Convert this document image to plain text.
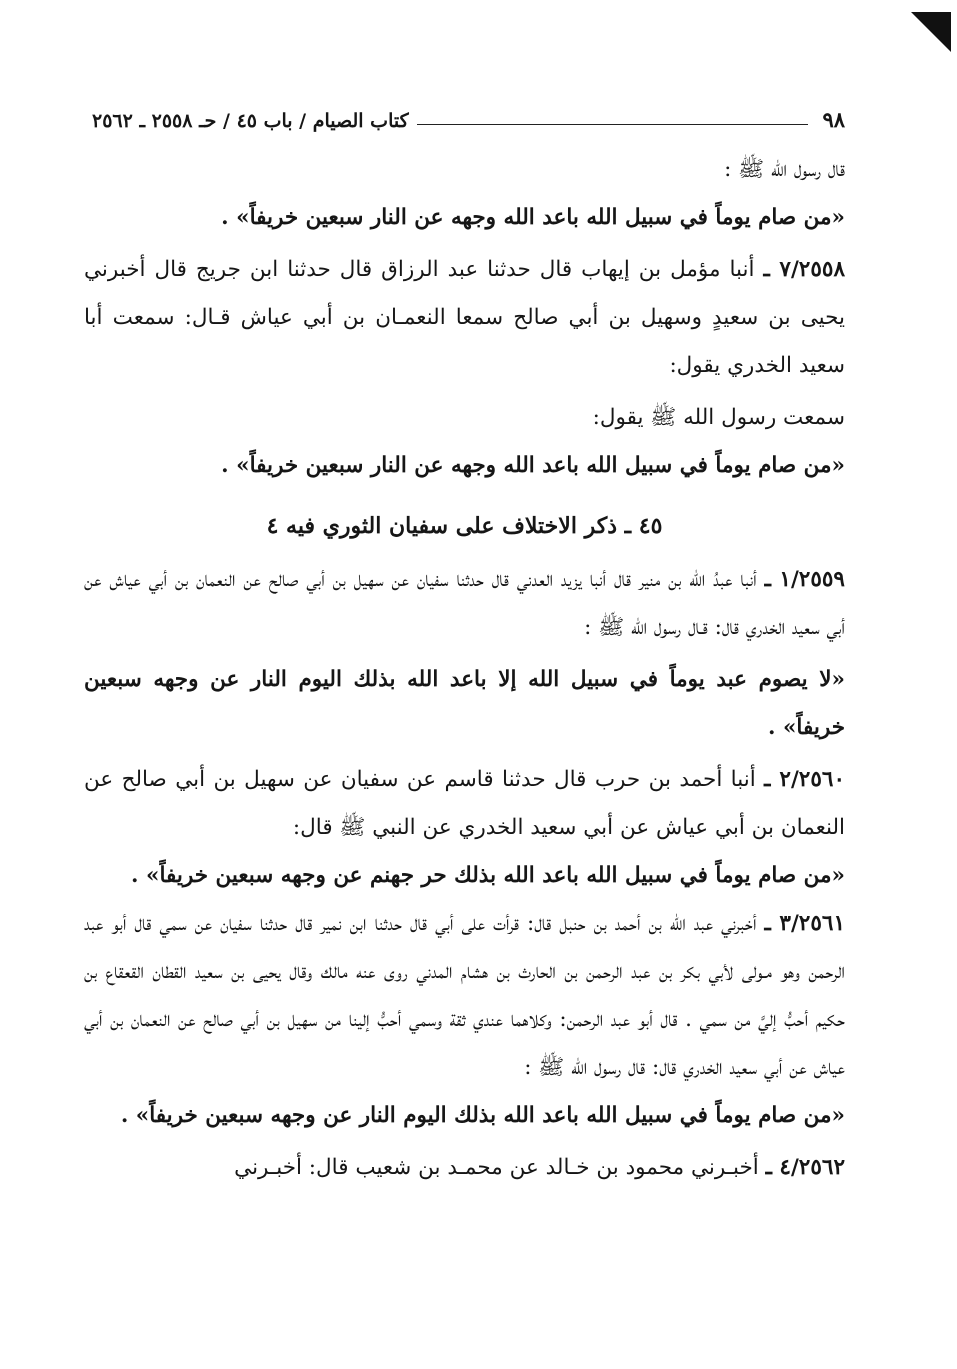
٩٨
كتاب الصيام / باب ٤٥ / حـ ٢٥٥٨ ـ ٢٥٦٢

قال رسول الله ﷺ :

«من صام يوماً في سبيل الله باعد الله وجهه عن النار سبعين خريفاً» .

٧/٢٥٥٨ ـ أنبا مؤمل بن إيهاب قال حدثنا عبد الرزاق قال حدثنا ابن جريج قال أخبرني يحيى بن سعيدٍ وسهيل بن أبي صالح سمعا النعمـان بن أبي عياش قـال: سمعت أبا سعيد الخدري يقول:

سمعت رسول الله ﷺ يقول:

«من صام يوماً في سبيل الله باعد الله وجهه عن النار سبعين خريفاً» .

٤٥ ـ ذكر الاختلاف على سفيان الثوري فيه ٤

١/٢٥٥٩ ـ أنبا عبدُ الله بن منير قال أنبا يزيد العدني قال حدثنا سفيان عن سهيل بن أبي صالح عن النعمان بن أبي عياش عن أبي سعيد الخدري قال: قـال رسول الله ﷺ :

«لا يصوم عبد يوماً في سبيل الله إلا باعد الله بذلك اليوم النار عن وجهه سبعين خريفاً» .

٢/٢٥٦٠ ـ أنبا أحمد بن حرب قال حدثنا قاسم عن سفيان عن سهيل بن أبي صالح عن النعمان بن أبي عياش عن أبي سعيد الخدري عن النبي ﷺ قال:

«من صام يوماً في سبيل الله باعد الله بذلك حر جهنم عن وجهه سبعين خريفاً» .

٣/٢٥٦١ ـ أخبرني عبد الله بن أحمد بن حنبل قال: قرأت على أبي قال حدثنا ابن نمير قال حدثنا سفيان عن سمي قال أبو عبد الرحمن وهو مـولى لأبي بكر بن عبد الرحمن بن الحارث بن هشام المدني روى عنه مالك وقال يحيى بن سعيد القطان القعقاع بن حكيم أحبُّ إليَّ من سمي . قال أبو عبد الرحمن: وكلاهما عندي ثقة وسمي أحبُّ إلينا من سهيل بن أبي صالح عن النعمان بن أبي عياش عن أبي سعيد الخدري قال: قال رسول الله ﷺ :

«من صام يوماً في سبيل الله باعد الله بذلك اليوم النار عن وجهه سبعين خريفاً» .

٤/٢٥٦٢ ـ أخبـرني محمود بن خـالد عن محمـد بن شعيب قال: أخبـرني
